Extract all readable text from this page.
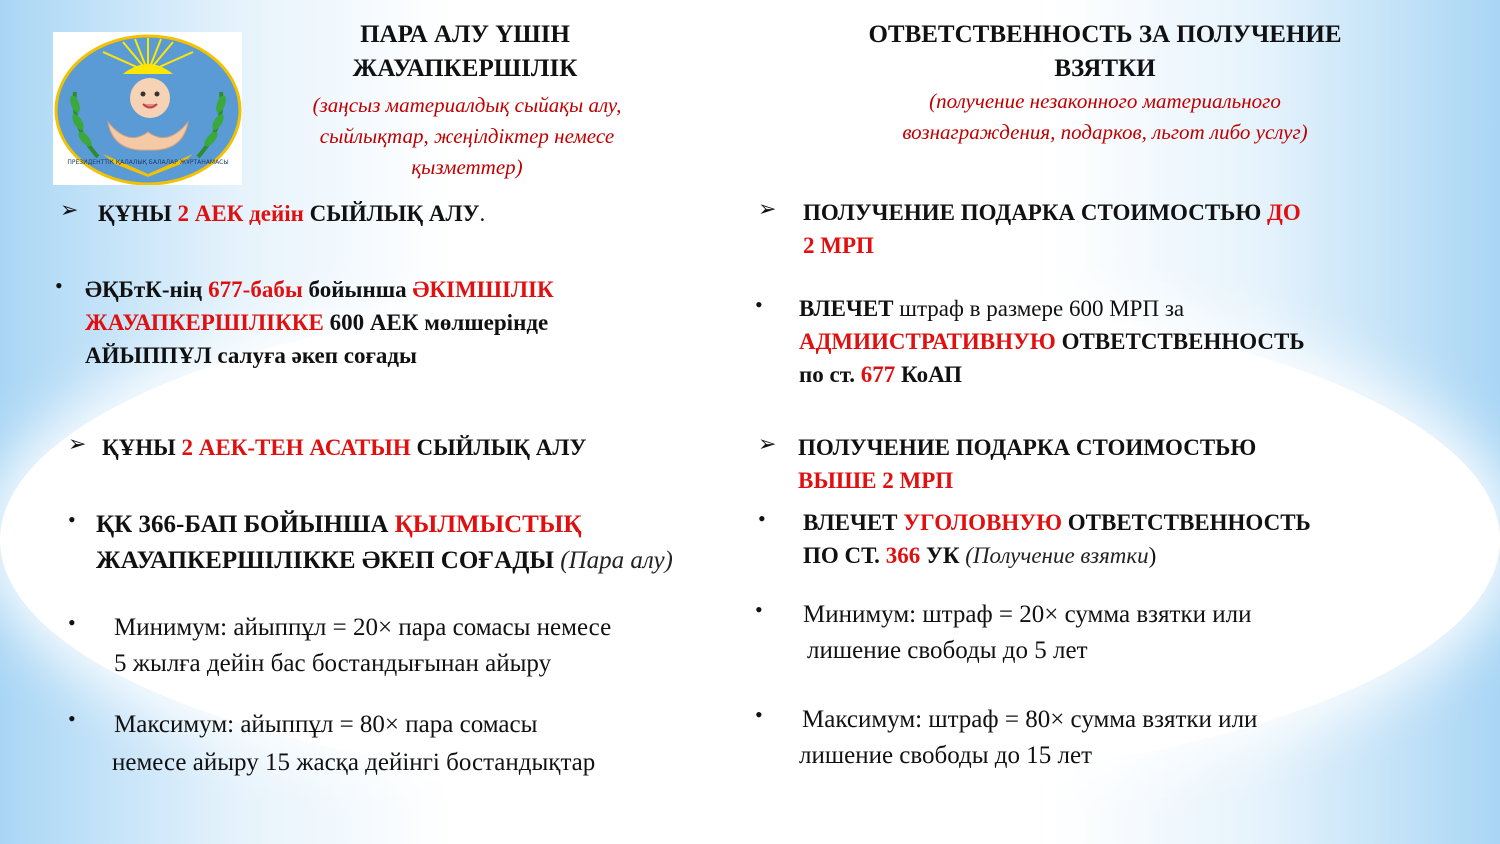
ПРЕЗИДЕНТТІК ҚАЛАЛЫҚ БАЛАЛАР ЖҰРТАНАМАСЫ
ПАРА АЛУ ҮШІН
ЖАУАПКЕРШІЛІК
(заңсыз материалдық сыйақы алу,
сыйлықтар, жеңілдіктер немесе
қызметтер)
ОТВЕТСТВЕННОСТЬ ЗА ПОЛУЧЕНИЕ
ВЗЯТКИ
(получение незаконного материального
вознаграждения, подарков, льгот либо услуг)
➢ ҚҰНЫ 2 АЕК дейін СЫЙЛЫҚ АЛУ.
• ӘҚБтК-нің 677-бабы бойынша ӘКІМШІЛІК
ЖАУАПКЕРШІЛІККЕ 600 АЕК мөлшерінде
АЙЫППҰЛ салуға әкеп соғады
➢ ҚҰНЫ 2 АЕК-ТЕН АСАТЫН СЫЙЛЫҚ АЛУ
• ҚК 366-БАП БОЙЫНША ҚЫЛМЫСТЫҚ
ЖАУАПКЕРШІЛІККЕ ӘКЕП СОҒАДЫ (Пара алу)
•	Минимум: айыппұл = 20× пара сомасы немесе
5 жылға дейін бас бостандығынан айыру
•	Максимум: айыппұл = 80× пара сомасы
немесе айыру 15 жасқа дейінгі бостандықтар
➢	ПОЛУЧЕНИЕ ПОДАРКА СТОИМОСТЬЮ ДО
2 МРП
•	ВЛЕЧЕТ штраф в размере 600 МРП за
АДМИИСТРАТИВНУЮ ОТВЕТСТВЕННОСТЬ
по ст. 677 КоАП
➢ ПОЛУЧЕНИЕ ПОДАРКА СТОИМОСТЬЮ
ВЫШЕ 2 МРП
•	ВЛЕЧЕТ УГОЛОВНУЮ ОТВЕТСТВЕННОСТЬ
ПО СТ. 366 УК (Получение взятки)
•	Минимум: штраф = 20× сумма взятки или
лишение свободы до 5 лет
•	Максимум: штраф = 80× сумма взятки или
лишение свободы до 15 лет
